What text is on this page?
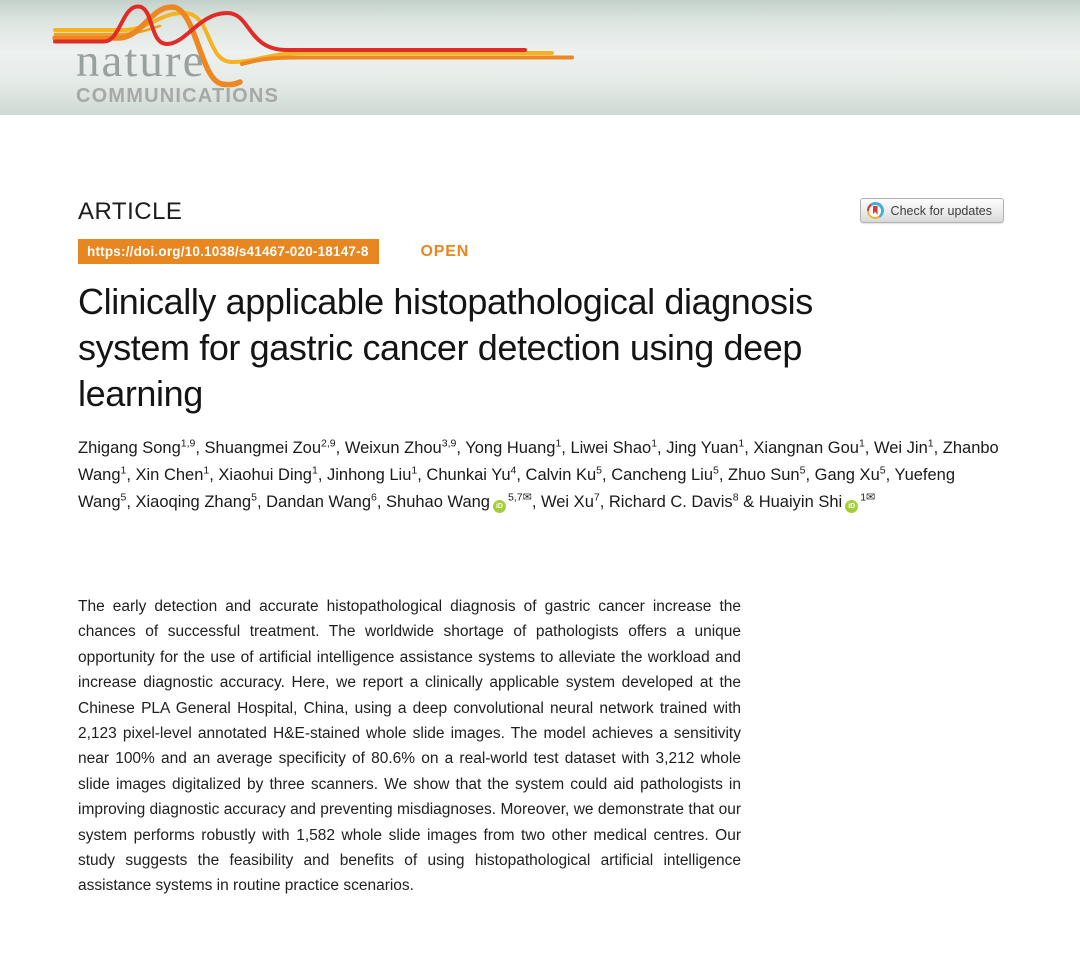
nature
COMMUNICATIONS
ARTICLE	Check for updates
https://doi.org/10.1038/s41467-020-18147-8	OPEN
Clinically applicable histopathological diagnosis
system for gastric cancer detection using deep
learning

Zhigang Song$^{1,9}$, Shuangmei Zou$^{2,9}$, Weixun Zhou$^{3,9}$, Yong Huang$^1$, Liwei Shao$^1$, Jing Yuan$^1$, Xiangnan Gou$^1$, Wei Jin$^1$, Zhanbo Wang$^1$, Xin Chen$^1$, Xiaohui Ding$^1$, Jinhong Liu$^1$, Chunkai Yu$^4$, Calvin Ku$^5$, Cancheng Liu$^5$, Zhuo Sun$^5$, Gang Xu$^5$, Yuefeng Wang$^5$, Xiaoqing Zhang$^5$, Dandan Wang$^6$, Shuhao Wang $iD^{5,7✉}$, Wei Xu$^7$, Richard C. Davis$^8$ & Huaiyin Shi $iD^{1✉}$

The early detection and accurate histopathological diagnosis of gastric cancer increase the chances of successful treatment. The worldwide shortage of pathologists offers a unique opportunity for the use of artificial intelligence assistance systems to alleviate the workload and increase diagnostic accuracy. Here, we report a clinically applicable system developed at the Chinese PLA General Hospital, China, using a deep convolutional neural network trained with 2,123 pixel-level annotated H&E-stained whole slide images. The model achieves a sensitivity near 100% and an average specificity of 80.6% on a real-world test dataset with 3,212 whole slide images digitalized by three scanners. We show that the system could aid pathologists in improving diagnostic accuracy and preventing misdiagnoses. Moreover, we demonstrate that our system performs robustly with 1,582 whole slide images from two other medical centres. Our study suggests the feasibility and benefits of using histopathological artificial intelligence assistance systems in routine practice scenarios.
